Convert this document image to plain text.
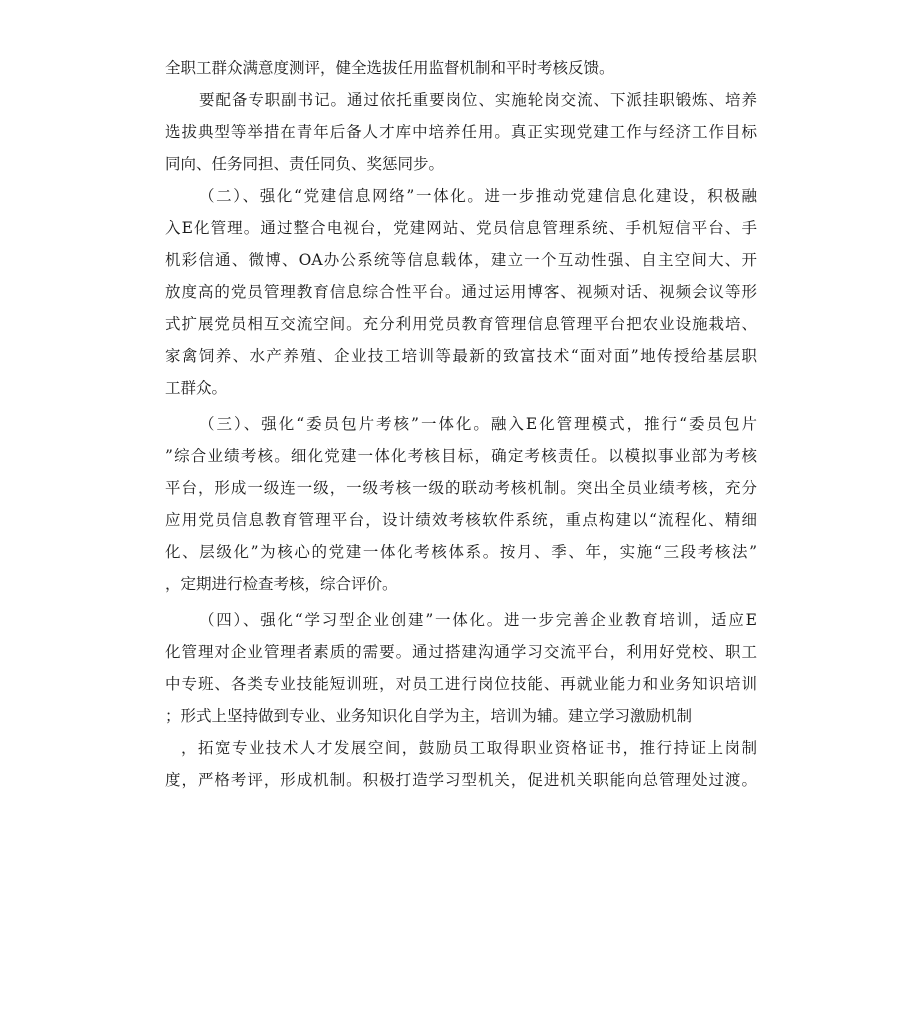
全职工群众满意度测评，健全选拔任用监督机制和平时考核反馈。
要配备专职副书记。通过依托重要岗位、实施轮岗交流、下派挂职锻炼、培养
选拔典型等举措在青年后备人才库中培养任用。真正实现党建工作与经济工作目标
同向、任务同担、责任同负、奖惩同步。
（二）、强化“党建信息网络”一体化。进一步推动党建信息化建设，积极融
入E化管理。通过整合电视台，党建网站、党员信息管理系统、手机短信平台、手
机彩信通、微博、OA办公系统等信息载体，建立一个互动性强、自主空间大、开
放度高的党员管理教育信息综合性平台。通过运用博客、视频对话、视频会议等形
式扩展党员相互交流空间。充分利用党员教育管理信息管理平台把农业设施栽培、
家禽饲养、水产养殖、企业技工培训等最新的致富技术“面对面”地传授给基层职
工群众。
（三）、强化“委员包片考核”一体化。融入E化管理模式，推行“委员包片
”综合业绩考核。细化党建一体化考核目标，确定考核责任。以模拟事业部为考核
平台，形成一级连一级，一级考核一级的联动考核机制。突出全员业绩考核，充分
应用党员信息教育管理平台，设计绩效考核软件系统，重点构建以“流程化、精细
化、层级化”为核心的党建一体化考核体系。按月、季、年，实施“三段考核法”
，定期进行检查考核，综合评价。
（四）、强化“学习型企业创建”一体化。进一步完善企业教育培训，适应E
化管理对企业管理者素质的需要。通过搭建沟通学习交流平台，利用好党校、职工
中专班、各类专业技能短训班，对员工进行岗位技能、再就业能力和业务知识培训
；形式上坚持做到专业、业务知识化自学为主，培训为辅。建立学习激励机制
，拓宽专业技术人才发展空间，鼓励员工取得职业资格证书，推行持证上岗制
度，严格考评，形成机制。积极打造学习型机关，促进机关职能向总管理处过渡。
